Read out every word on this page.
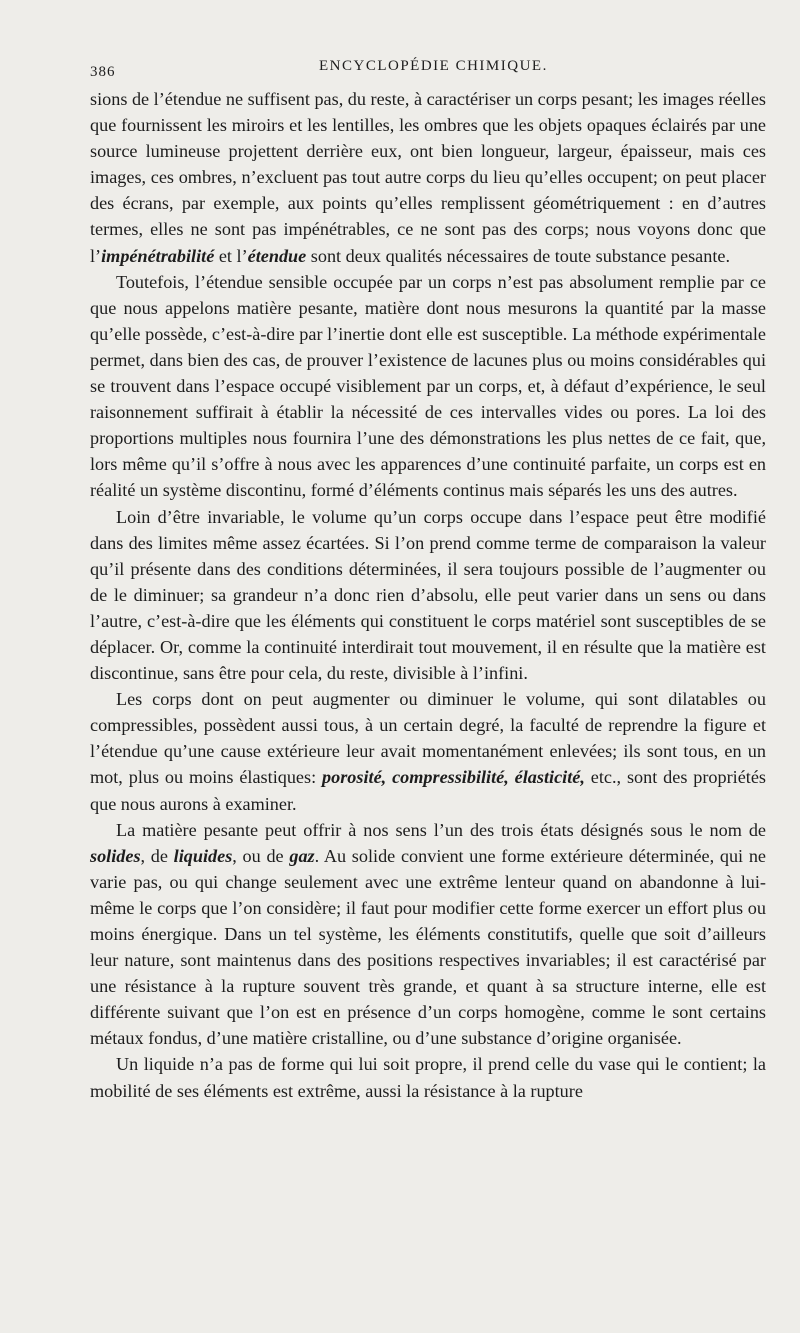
386	ENCYCLOPÉDIE CHIMIQUE.

sions de l’étendue ne suffisent pas, du reste, à caractériser un corps pesant; les images réelles que fournissent les miroirs et les lentilles, les ombres que les objets opaques éclairés par une source lumineuse projettent derrière eux, ont bien longueur, largeur, épaisseur, mais ces images, ces ombres, n’excluent pas tout autre corps du lieu qu’elles occupent; on peut placer des écrans, par exemple, aux points qu’elles remplissent géométriquement : en d’autres termes, elles ne sont pas impénétrables, ce ne sont pas des corps; nous voyons donc que l’impénétrabilité et l’étendue sont deux qualités nécessaires de toute substance pesante.

Toutefois, l’étendue sensible occupée par un corps n’est pas absolument remplie par ce que nous appelons matière pesante, matière dont nous mesurons la quantité par la masse qu’elle possède, c’est-à-dire par l’inertie dont elle est susceptible. La méthode expérimentale permet, dans bien des cas, de prouver l’existence de lacunes plus ou moins considérables qui se trouvent dans l’espace occupé visiblement par un corps, et, à défaut d’expérience, le seul raisonnement suffirait à établir la nécessité de ces intervalles vides ou pores. La loi des proportions multiples nous fournira l’une des démonstrations les plus nettes de ce fait, que, lors même qu’il s’offre à nous avec les apparences d’une continuité parfaite, un corps est en réalité un système discontinu, formé d’éléments continus mais séparés les uns des autres.

Loin d’être invariable, le volume qu’un corps occupe dans l’espace peut être modifié dans des limites même assez écartées. Si l’on prend comme terme de comparaison la valeur qu’il présente dans des conditions déterminées, il sera toujours possible de l’augmenter ou de le diminuer; sa grandeur n’a donc rien d’absolu, elle peut varier dans un sens ou dans l’autre, c’est-à-dire que les éléments qui constituent le corps matériel sont susceptibles de se déplacer. Or, comme la continuité interdirait tout mouvement, il en résulte que la matière est discontinue, sans être pour cela, du reste, divisible à l’infini.

Les corps dont on peut augmenter ou diminuer le volume, qui sont dilatables ou compressibles, possèdent aussi tous, à un certain degré, la faculté de reprendre la figure et l’étendue qu’une cause extérieure leur avait momentanément enlevées; ils sont tous, en un mot, plus ou moins élastiques: porosité, compressibilité, élasticité, etc., sont des propriétés que nous aurons à examiner.

La matière pesante peut offrir à nos sens l’un des trois états désignés sous le nom de solides, de liquides, ou de gaz. Au solide convient une forme extérieure déterminée, qui ne varie pas, ou qui change seulement avec une extrême lenteur quand on abandonne à lui-même le corps que l’on considère; il faut pour modifier cette forme exercer un effort plus ou moins énergique. Dans un tel système, les éléments constitutifs, quelle que soit d’ailleurs leur nature, sont maintenus dans des positions respectives invariables; il est caractérisé par une résistance à la rupture souvent très grande, et quant à sa structure interne, elle est différente suivant que l’on est en présence d’un corps homogène, comme le sont certains métaux fondus, d’une matière cristalline, ou d’une substance d’origine organisée.

Un liquide n’a pas de forme qui lui soit propre, il prend celle du vase qui le contient; la mobilité de ses éléments est extrême, aussi la résistance à la rupture
